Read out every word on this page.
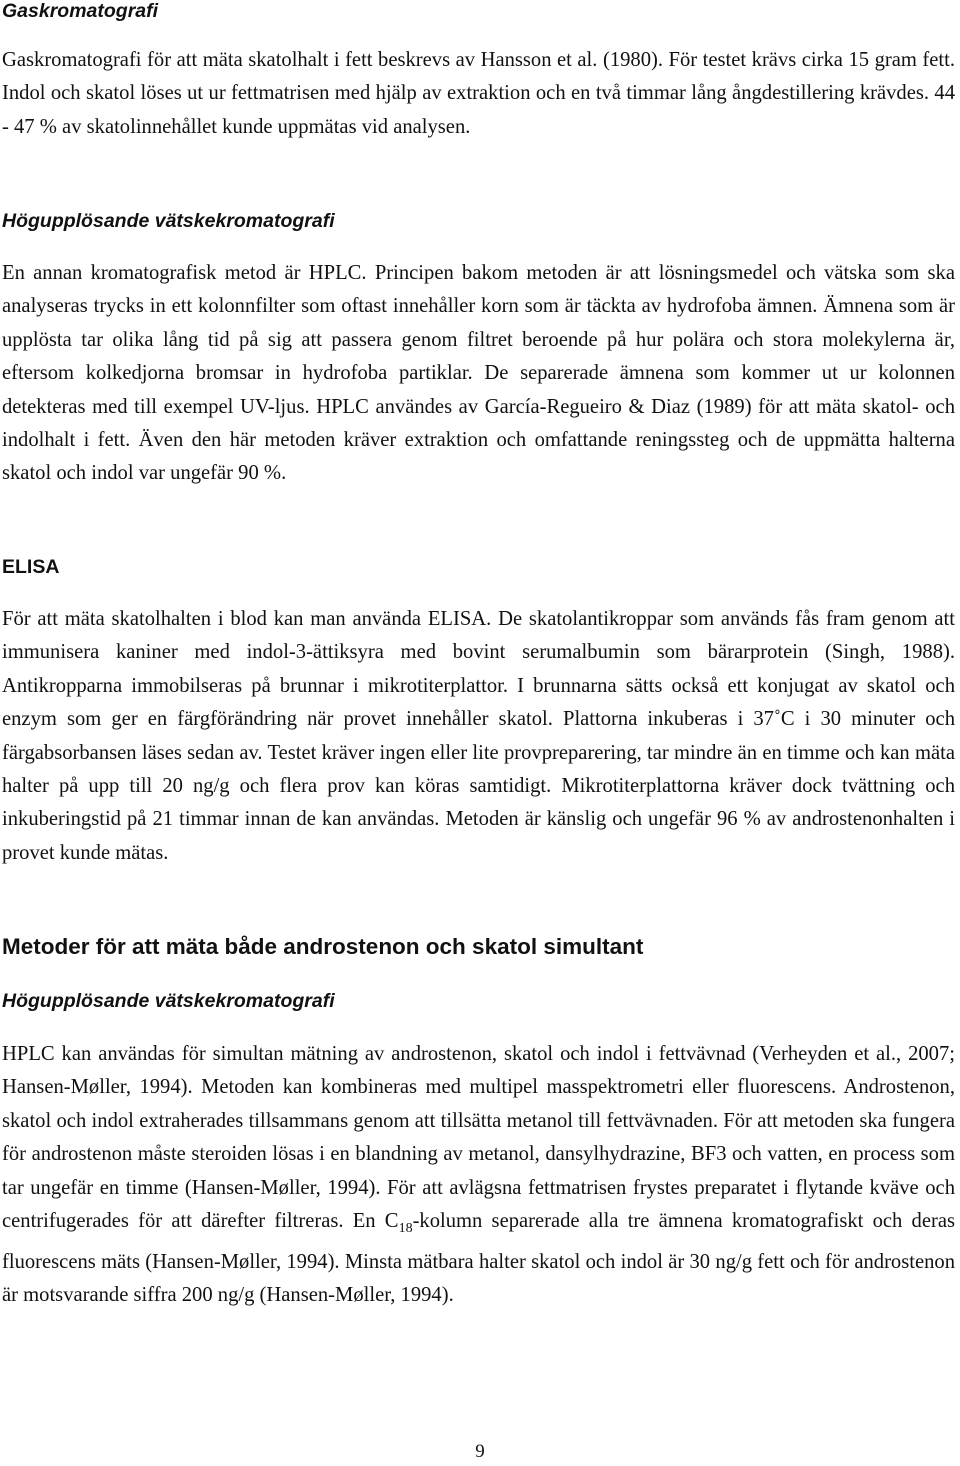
Gaskromatografi

Gaskromatografi för att mäta skatolhalt i fett beskrevs av Hansson et al. (1980). För testet krävs cirka 15 gram fett. Indol och skatol löses ut ur fettmatrisen med hjälp av extraktion och en två timmar lång ångdestillering krävdes. 44 - 47 % av skatolinnehållet kunde uppmätas vid analysen.

Högupplösande vätskekromatografi

En annan kromatografisk metod är HPLC. Principen bakom metoden är att lösningsmedel och vätska som ska analyseras trycks in ett kolonnfilter som oftast innehåller korn som är täckta av hydrofoba ämnen. Ämnena som är upplösta tar olika lång tid på sig att passera genom filtret beroende på hur polära och stora molekylerna är, eftersom kolkedjorna bromsar in hydrofoba partiklar. De separerade ämnena som kommer ut ur kolonnen detekteras med till exempel UV-ljus. HPLC användes av García-Regueiro & Diaz (1989) för att mäta skatol- och indolhalt i fett. Även den här metoden kräver extraktion och omfattande reningssteg och de uppmätta halterna skatol och indol var ungefär 90 %.

ELISA

För att mäta skatolhalten i blod kan man använda ELISA. De skatolantikroppar som används fås fram genom att immunisera kaniner med indol-3-ättiksyra med bovint serumalbumin som bärarprotein (Singh, 1988). Antikropparna immobilseras på brunnar i mikrotiterplattor. I brunnarna sätts också ett konjugat av skatol och enzym som ger en färgförändring när provet innehåller skatol. Plattorna inkuberas i 37˚C i 30 minuter och färgabsorbansen läses sedan av. Testet kräver ingen eller lite provpreparering, tar mindre än en timme och kan mäta halter på upp till 20 ng/g och flera prov kan köras samtidigt. Mikrotiterplattorna kräver dock tvättning och inkuberingstid på 21 timmar innan de kan användas. Metoden är känslig och ungefär 96 % av androstenonhalten i provet kunde mätas.

Metoder för att mäta både androstenon och skatol simultant
Högupplösande vätskekromatografi

HPLC kan användas för simultan mätning av androstenon, skatol och indol i fettvävnad (Verheyden et al., 2007; Hansen-Møller, 1994). Metoden kan kombineras med multipel masspektrometri eller fluorescens. Androstenon, skatol och indol extraherades tillsammans genom att tillsätta metanol till fettvävnaden. För att metoden ska fungera för androstenon måste steroiden lösas i en blandning av metanol, dansylhydrazine, BF3 och vatten, en process som tar ungefär en timme (Hansen-Møller, 1994). För att avlägsna fettmatrisen frystes preparatet i flytande kväve och centrifugerades för att därefter filtreras. En $C_{18}$-kolumn separerade alla tre ämnena kromatografiskt och deras fluorescens mäts (Hansen-Møller, 1994). Minsta mätbara halter skatol och indol är 30 ng/g fett och för androstenon är motsvarande siffra 200 ng/g (Hansen-Møller, 1994).

9
